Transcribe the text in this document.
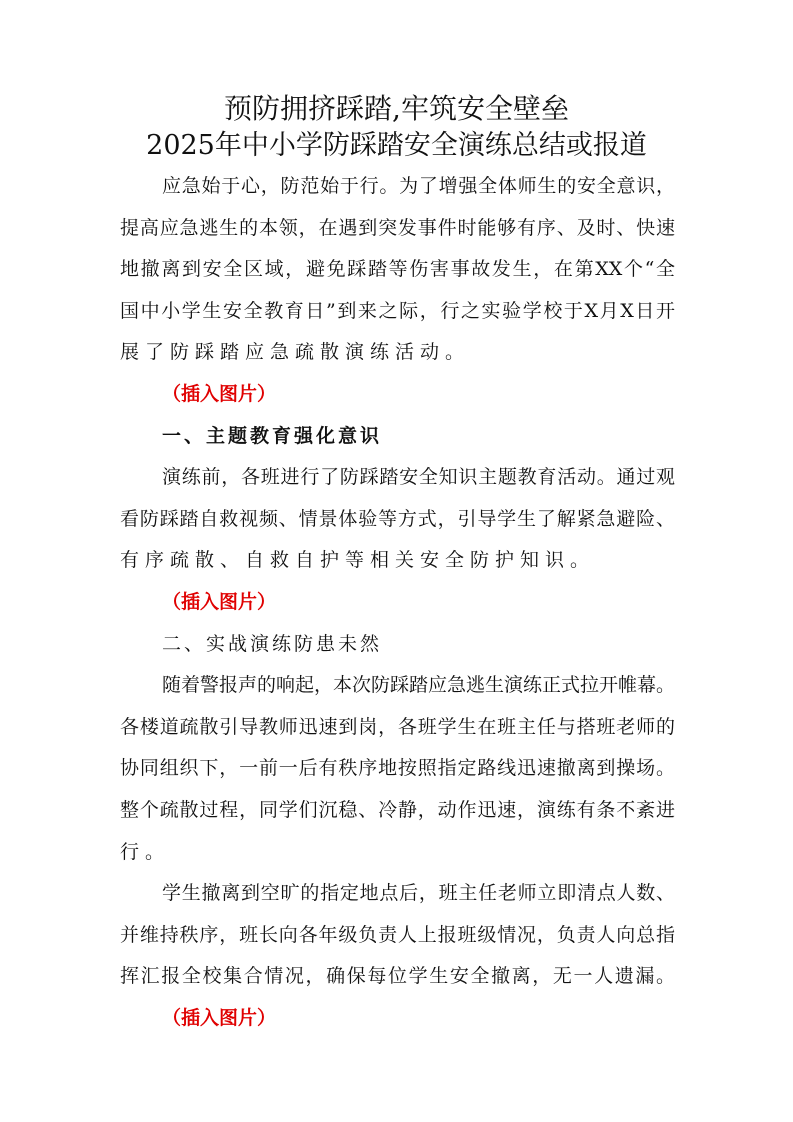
预防拥挤踩踏,牢筑安全壁垒
2025年中小学防踩踏安全演练总结或报道
应急始于心，防范始于行。为了增强全体师生的安全意识，
提高应急逃生的本领，在遇到突发事件时能够有序、及时、快速
地撤离到安全区域，避免踩踏等伤害事故发生，在第XX个“全
国中小学生安全教育日”到来之际，行之实验学校于X月X日开
展了防踩踏应急疏散演练活动。
（插入图片）
一、主题教育强化意识
演练前，各班进行了防踩踏安全知识主题教育活动。通过观
看防踩踏自救视频、情景体验等方式，引导学生了解紧急避险、
有序疏散、自救自护等相关安全防护知识。
（插入图片）
二、实战演练防患未然
随着警报声的响起，本次防踩踏应急逃生演练正式拉开帷幕。
各楼道疏散引导教师迅速到岗，各班学生在班主任与搭班老师的
协同组织下，一前一后有秩序地按照指定路线迅速撤离到操场。
整个疏散过程，同学们沉稳、冷静，动作迅速，演练有条不紊进
行。
学生撤离到空旷的指定地点后，班主任老师立即清点人数、
并维持秩序，班长向各年级负责人上报班级情况，负责人向总指
挥汇报全校集合情况，确保每位学生安全撤离，无一人遗漏。
（插入图片）
